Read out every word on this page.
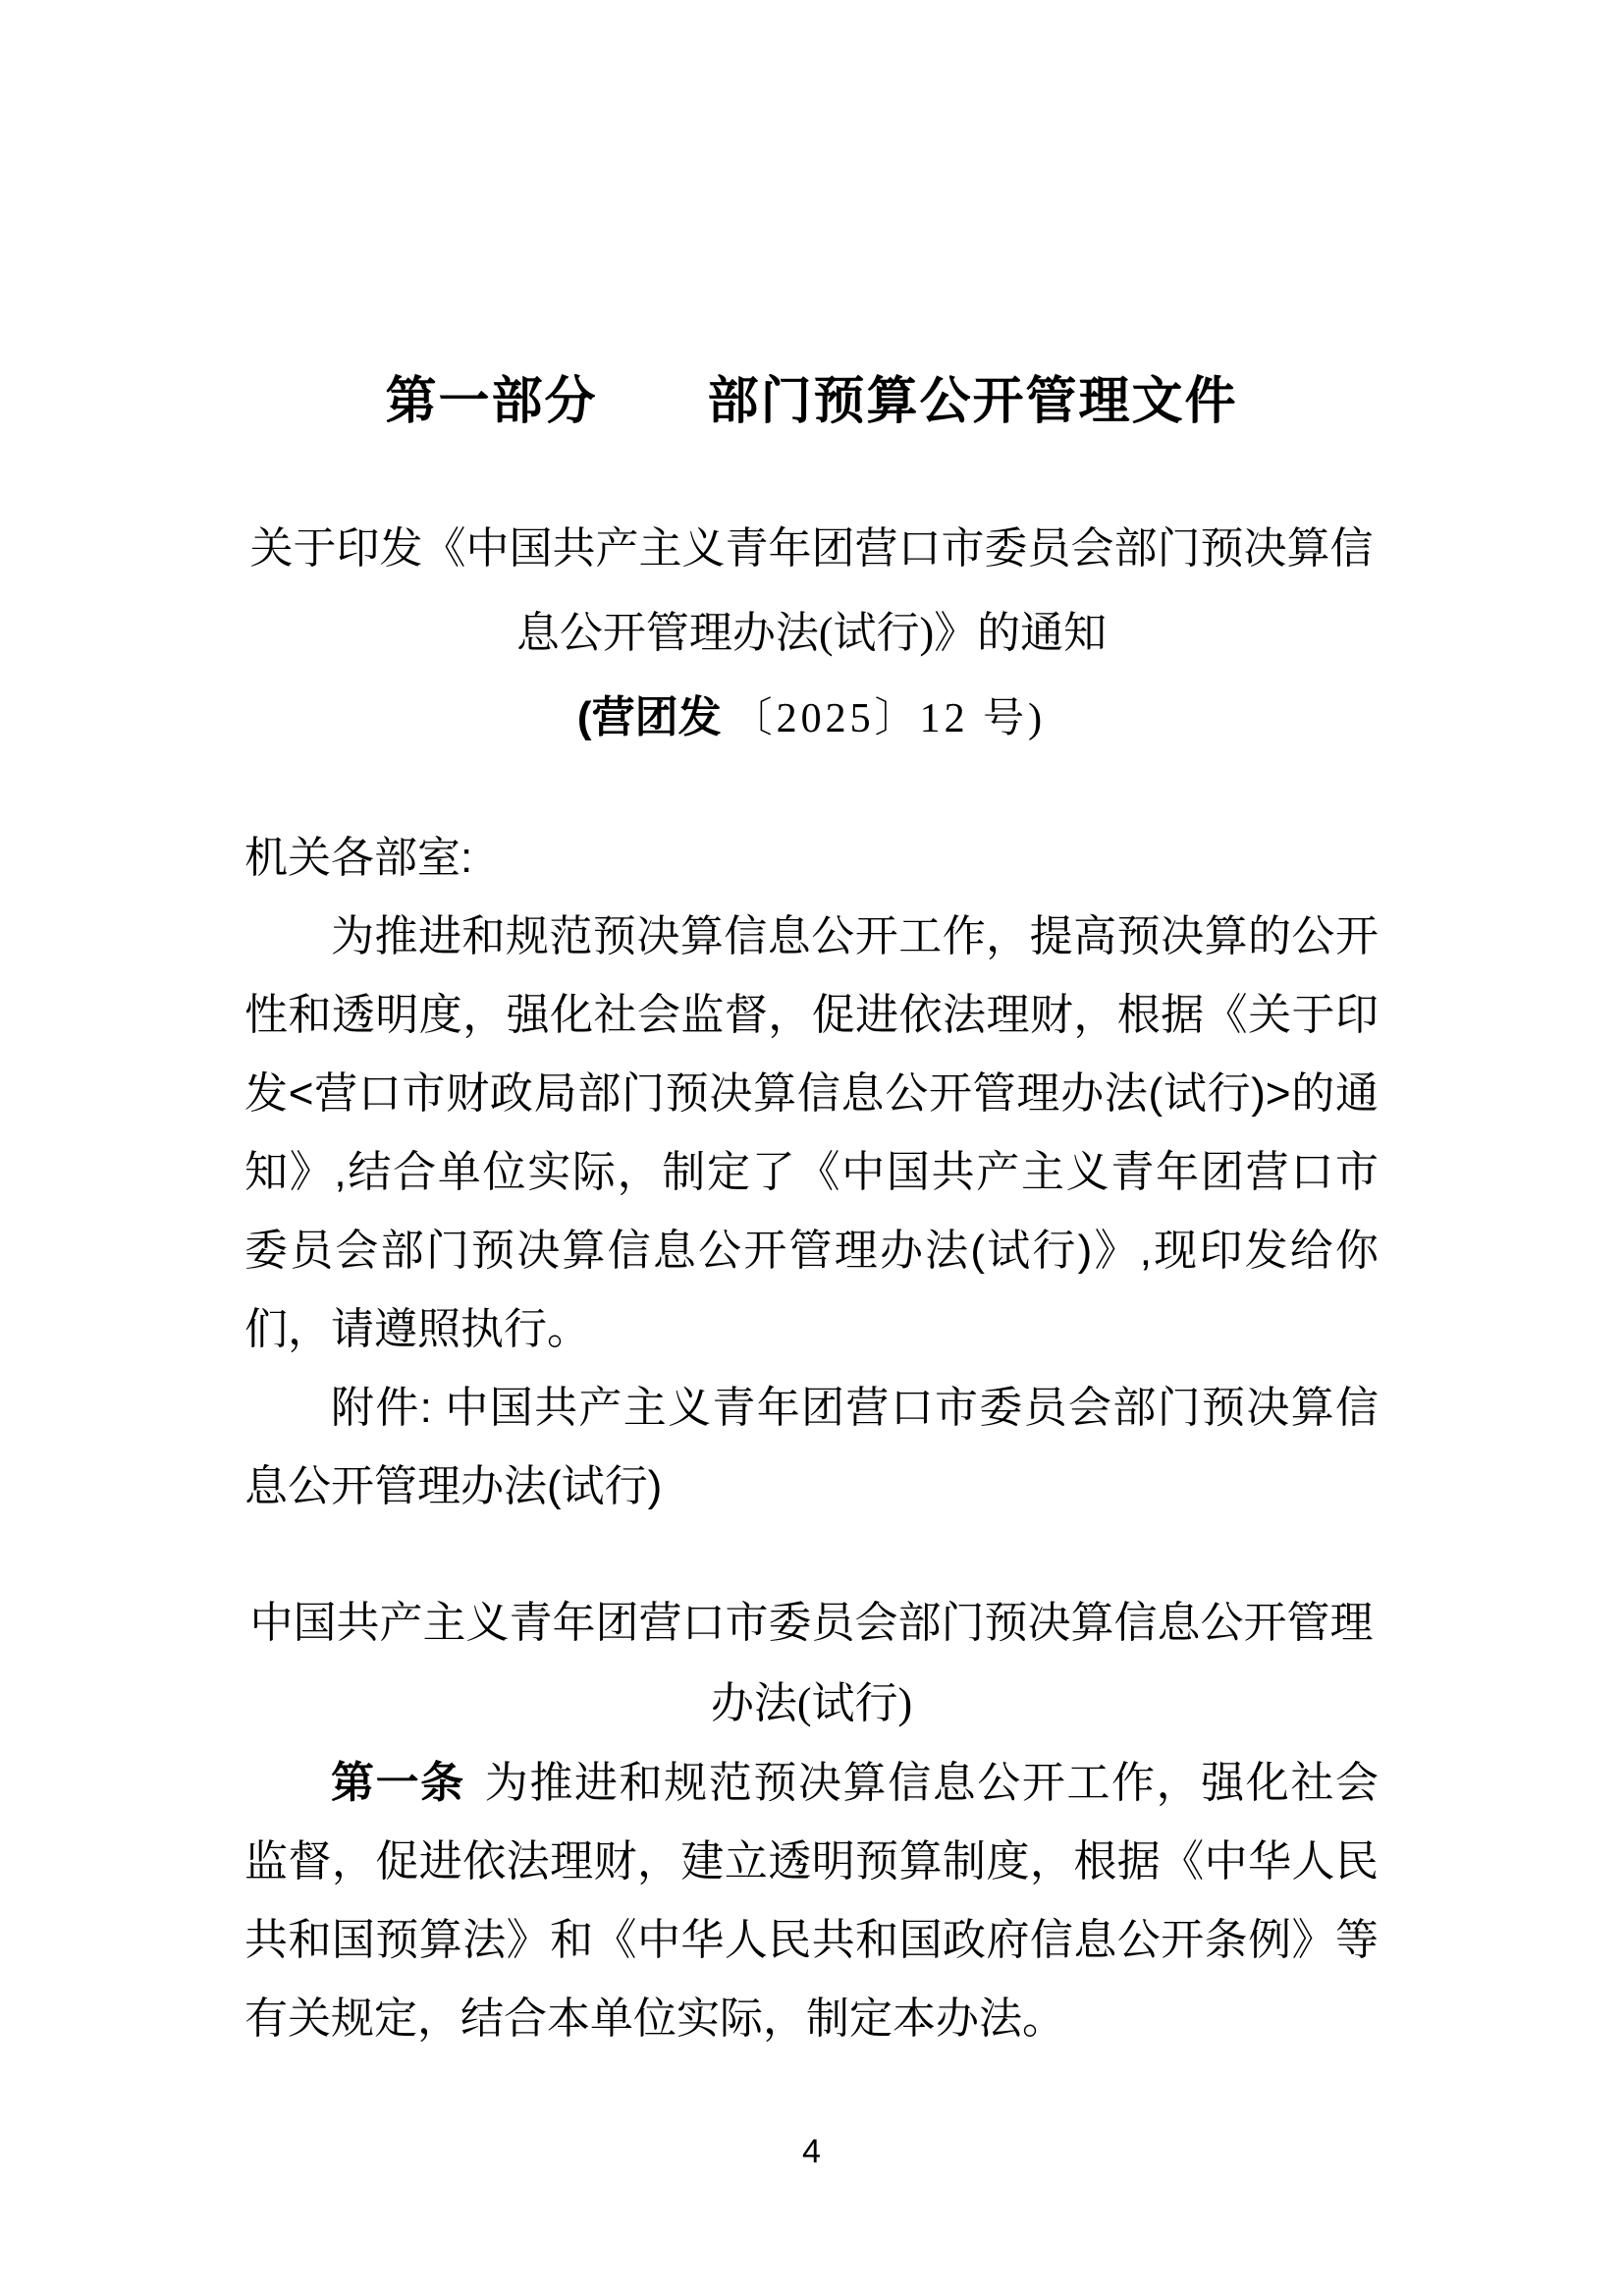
第一部分 部门预算公开管理文件
关于印发《中国共产主义青年团营口市委员会部门预决算信息公开管理办法(试行)》的通知
(营团发 〔2025〕12 号)

机关各部室:

为推进和规范预决算信息公开工作，提高预决算的公开性和透明度，强化社会监督，促进依法理财，根据《关于印发<营口市财政局部门预决算信息公开管理办法(试行)>的通知》,结合单位实际，制定了《中国共产主义青年团营口市委员会部门预决算信息公开管理办法(试行)》,现印发给你们，请遵照执行。

附件: 中国共产主义青年团营口市委员会部门预决算信息公开管理办法(试行)

中国共产主义青年团营口市委员会部门预决算信息公开管理办法(试行)

第一条 为推进和规范预决算信息公开工作，强化社会监督，促进依法理财，建立透明预算制度，根据《中华人民共和国预算法》和《中华人民共和国政府信息公开条例》等有关规定，结合本单位实际，制定本办法。

4
